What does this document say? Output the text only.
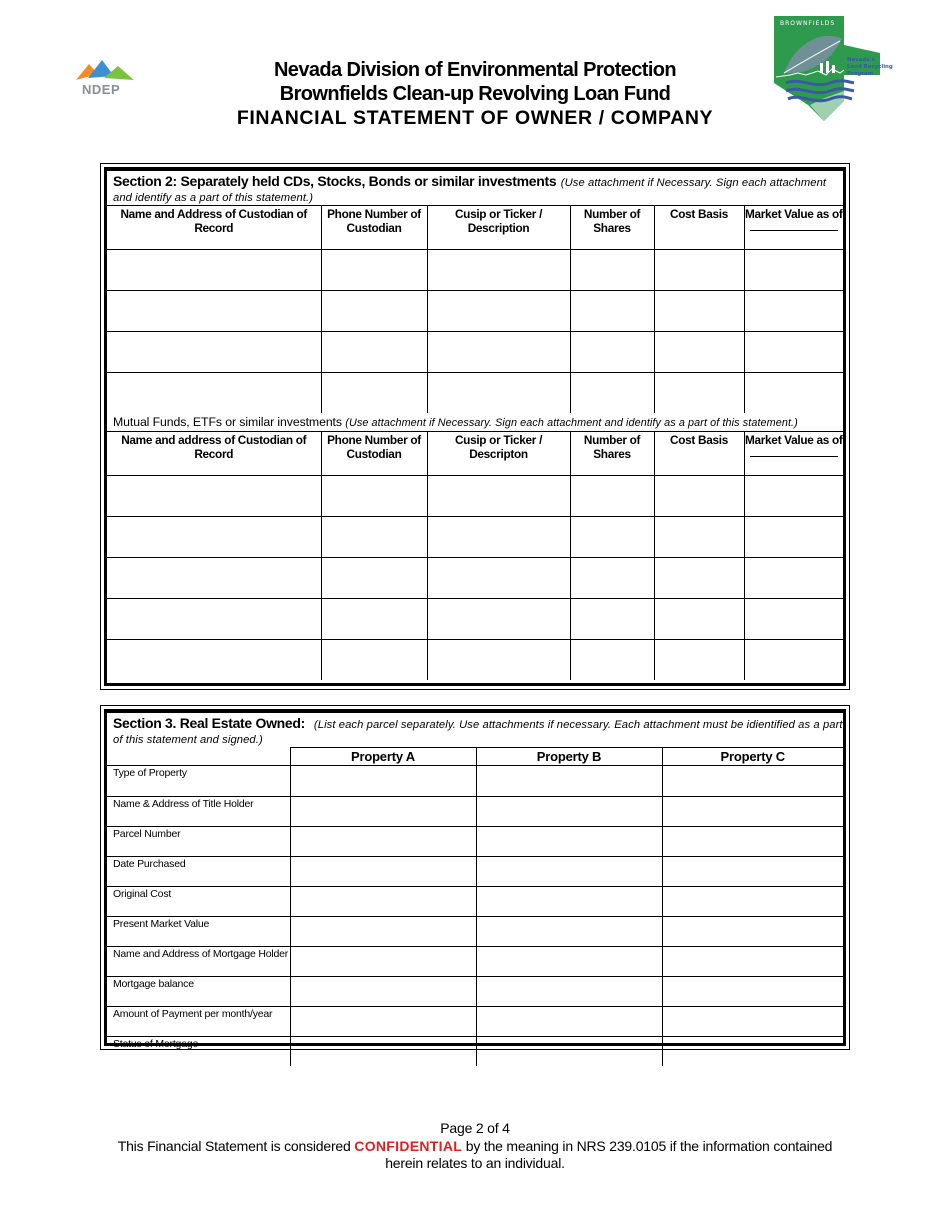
NDEP
Nevada Division of Environmental Protection
Brownfields Clean-up Revolving Loan Fund
FINANCIAL STATEMENT OF OWNER / COMPANY
BROWNFIELDS
Nevada's
Land Recycling
Program
Section 2: Separately held CDs, Stocks, Bonds or similar investments (Use attachment if Necessary. Sign each attachment and identify as a part of this statement.)
Name and Address of Custodian of Record	Phone Number of Custodian	Cusip or Ticker / Description	Number of Shares	Cost Basis	Market Value as of

Mutual Funds, ETFs or similar investments (Use attachment if Necessary. Sign each attachment and identify as a part of this statement.)
Name and address of Custodian of Record	Phone Number of Custodian	Cusip or Ticker / Descripton	Number of Shares	Cost Basis	Market Value as of

Section 3. Real Estate Owned: (List each parcel separately. Use attachments if necessary. Each attachment must be idientified as a part of this statement and signed.)
	Property A	Property B	Property C
Type of Property			
Name & Address of Title Holder			
Parcel Number			
Date Purchased			
Original Cost			
Present Market Value			
Name and Address of Mortgage Holder			
Mortgage balance			
Amount of Payment per month/year			
Status of Mortgage			
Page 2 of 4
This Financial Statement is considered CONFIDENTIAL by the meaning in NRS 239.0105 if the information contained herein relates to an individual.
